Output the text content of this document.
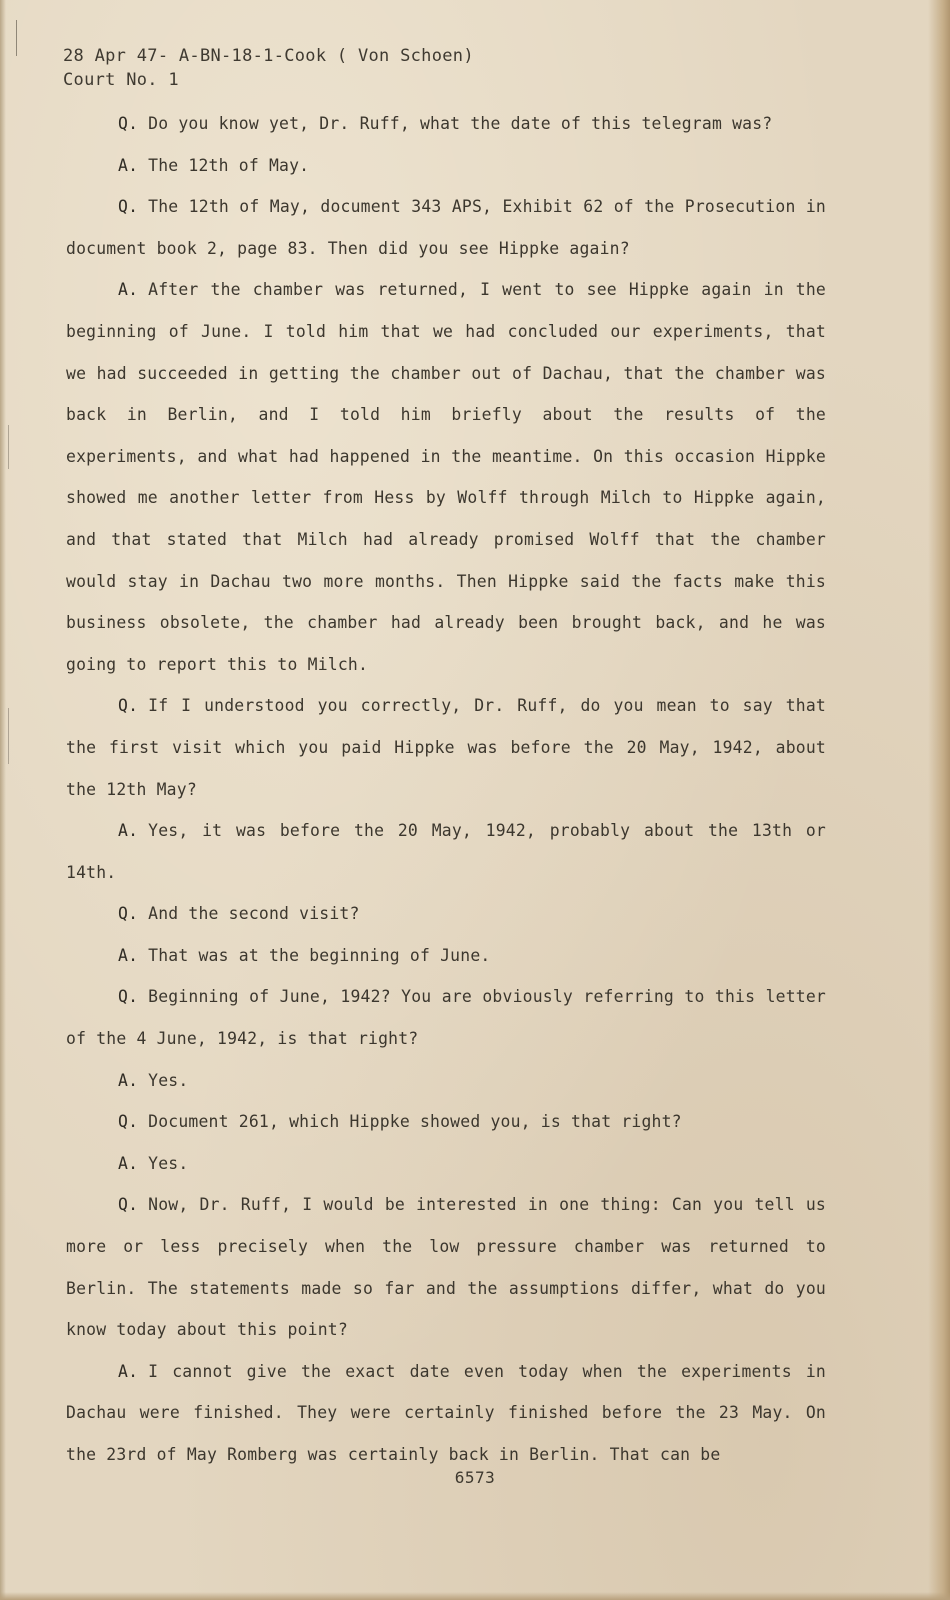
28 Apr 47- A-BN-18-1-Cook ( Von Schoen)
Court No. 1

Q. Do you know yet, Dr. Ruff, what the date of this telegram was?

A. The 12th of May.

Q. The 12th of May, document 343 APS, Exhibit 62 of the Prosecution in document book 2, page 83. Then did you see Hippke again?

A. After the chamber was returned, I went to see Hippke again in the beginning of June. I told him that we had concluded our experiments, that we had succeeded in getting the chamber out of Dachau, that the chamber was back in Berlin, and I told him briefly about the results of the experiments, and what had happened in the meantime. On this occasion Hippke showed me another letter from Hess by Wolff through Milch to Hippke again, and that stated that Milch had already promised Wolff that the chamber would stay in Dachau two more months. Then Hippke said the facts make this business obsolete, the chamber had already been brought back, and he was going to report this to Milch.

Q. If I understood you correctly, Dr. Ruff, do you mean to say that the first visit which you paid Hippke was before the 20 May, 1942, about the 12th May?

A. Yes, it was before the 20 May, 1942, probably about the 13th or 14th.

Q. And the second visit?

A. That was at the beginning of June.

Q. Beginning of June, 1942? You are obviously referring to this letter of the 4 June, 1942, is that right?

A. Yes.

Q. Document 261, which Hippke showed you, is that right?

A. Yes.

Q. Now, Dr. Ruff, I would be interested in one thing: Can you tell us more or less precisely when the low pressure chamber was returned to Berlin. The statements made so far and the assumptions differ, what do you know today about this point?

A. I cannot give the exact date even today when the experiments in Dachau were finished. They were certainly finished before the 23 May. On the 23rd of May Romberg was certainly back in Berlin. That can be

6573
